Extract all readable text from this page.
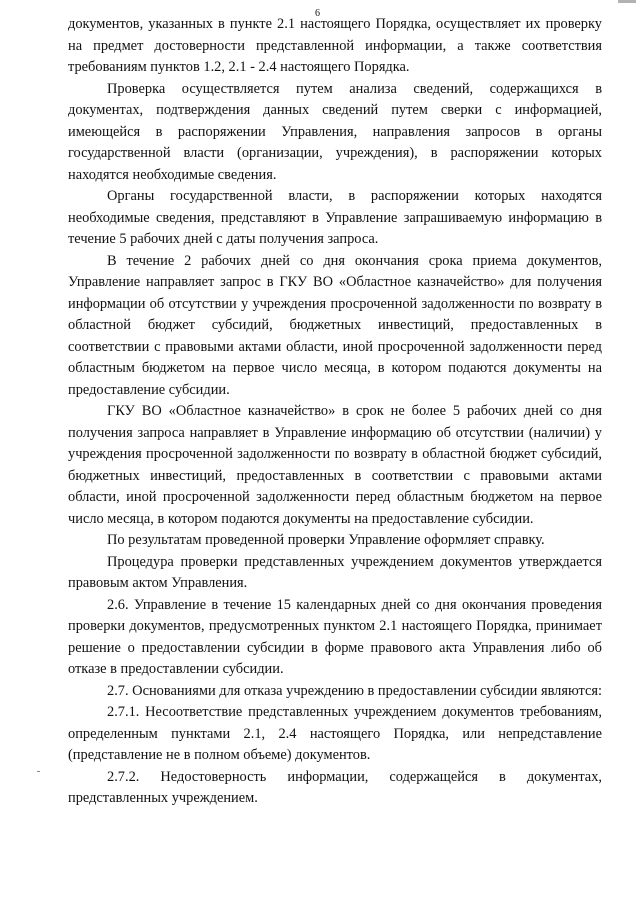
6

документов, указанных в пункте 2.1 настоящего Порядка, осуществляет их проверку на предмет достоверности представленной информации, а также соответствия требованиям пунктов 1.2, 2.1 - 2.4 настоящего Порядка.

Проверка осуществляется путем анализа сведений, содержащихся в документах, подтверждения данных сведений путем сверки с информацией, имеющейся в распоряжении Управления, направления запросов в органы государственной власти (организации, учреждения), в распоряжении которых находятся необходимые сведения.

Органы государственной власти, в распоряжении которых находятся необходимые сведения, представляют в Управление запрашиваемую информацию в течение 5 рабочих дней с даты получения запроса.

В течение 2 рабочих дней со дня окончания срока приема документов, Управление направляет запрос в ГКУ ВО «Областное казначейство» для получения информации об отсутствии у учреждения просроченной задолженности по возврату в областной бюджет субсидий, бюджетных инвестиций, предоставленных в соответствии с правовыми актами области, иной просроченной задолженности перед областным бюджетом на первое число месяца, в котором подаются документы на предоставление субсидии.

ГКУ ВО «Областное казначейство» в срок не более 5 рабочих дней со дня получения запроса направляет в Управление информацию об отсутствии (наличии) у учреждения просроченной задолженности по возврату в областной бюджет субсидий, бюджетных инвестиций, предоставленных в соответствии с правовыми актами области, иной просроченной задолженности перед областным бюджетом на первое число месяца, в котором подаются документы на предоставление субсидии.

По результатам проведенной проверки Управление оформляет справку.

Процедура проверки представленных учреждением документов утверждается правовым актом Управления.

2.6. Управление в течение 15 календарных дней со дня окончания проведения проверки документов, предусмотренных пунктом 2.1 настоящего Порядка, принимает решение о предоставлении субсидии в форме правового акта Управления либо об отказе в предоставлении субсидии.

2.7. Основаниями для отказа учреждению в предоставлении субсидии являются:

2.7.1. Несоответствие представленных учреждением документов требованиям, определенным пунктами 2.1, 2.4 настоящего Порядка, или непредставление (представление не в полном объеме) документов.

2.7.2. Недостоверность информации, содержащейся в документах, представленных учреждением.
